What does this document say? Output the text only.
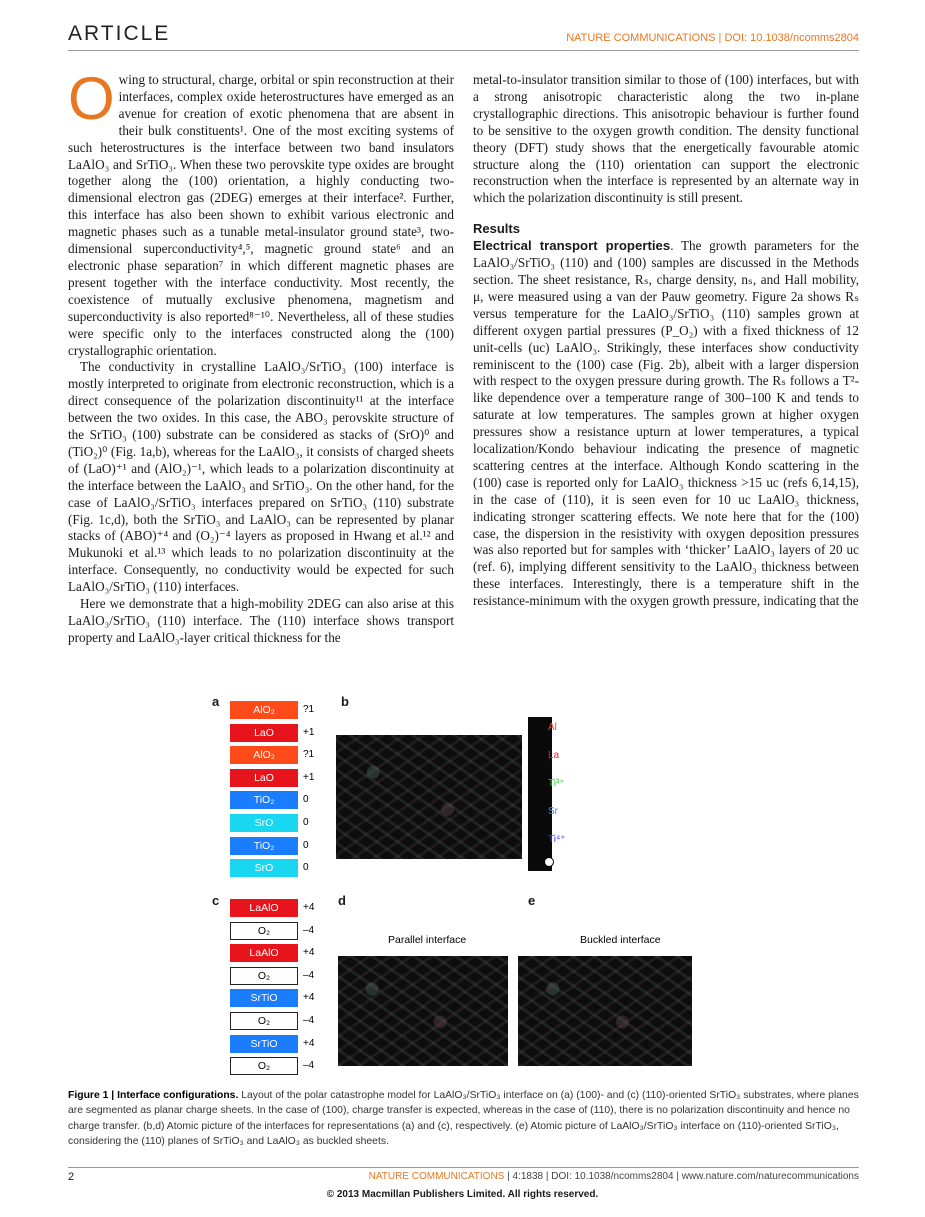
ARTICLE	NATURE COMMUNICATIONS | DOI: 10.1038/ncomms2804
O wing to structural, charge, orbital or spin reconstruction at their interfaces, complex oxide heterostructures have emerged as an avenue for creation of exotic phenomena that are absent in their bulk constituents¹. One of the most exciting systems of such heterostructures is the interface between two band insulators LaAlO₃ and SrTiO₃. When these two perovskite type oxides are brought together along the (100) orientation, a highly conducting two-dimensional electron gas (2DEG) emerges at their interface². Further, this interface has also been shown to exhibit various electronic and magnetic phases such as a tunable metal-insulator ground state³, two-dimensional superconductivity⁴,⁵, magnetic ground state⁶ and an electronic phase separation⁷ in which different magnetic phases are present together with the interface conductivity. Most recently, the coexistence of mutually exclusive phenomena, magnetism and superconductivity is also reported⁸⁻¹⁰. Nevertheless, all of these studies were specific only to the interfaces constructed along the (100) crystallographic orientation.

The conductivity in crystalline LaAlO₃/SrTiO₃ (100) interface is mostly interpreted to originate from electronic reconstruction, which is a direct consequence of the polarization discontinuity¹¹ at the interface between the two oxides. In this case, the ABO₃ perovskite structure of the SrTiO₃ (100) substrate can be considered as stacks of (SrO)⁰ and (TiO₂)⁰ (Fig. 1a,b), whereas for the LaAlO₃, it consists of charged sheets of (LaO)⁺¹ and (AlO₂)⁻¹, which leads to a polarization discontinuity at the interface between the LaAlO₃ and SrTiO₃. On the other hand, for the case of LaAlO₃/SrTiO₃ interfaces prepared on SrTiO₃ (110) substrate (Fig. 1c,d), both the SrTiO₃ and LaAlO₃ can be represented by planar stacks of (ABO)⁺⁴ and (O₂)⁻⁴ layers as proposed in Hwang et al.¹² and Mukunoki et al.¹³ which leads to no polarization discontinuity at the interface. Consequently, no conductivity would be expected for such LaAlO₃/SrTiO₃ (110) interfaces.

Here we demonstrate that a high-mobility 2DEG can also arise at this LaAlO₃/SrTiO₃ (110) interface. The (110) interface shows transport property and LaAlO₃-layer critical thickness for the

metal-to-insulator transition similar to those of (100) interfaces, but with a strong anisotropic characteristic along the two in-plane crystallographic directions. This anisotropic behaviour is further found to be sensitive to the oxygen growth condition. The density functional theory (DFT) study shows that the energetically favourable atomic structure along the (110) orientation can support the electronic reconstruction when the interface is represented by an alternate way in which the polarization discontinuity is still present.

Results

Electrical transport properties. The growth parameters for the LaAlO₃/SrTiO₃ (110) and (100) samples are discussed in the Methods section. The sheet resistance, Rₛ, charge density, nₛ, and Hall mobility, μ, were measured using a van der Pauw geometry. Figure 2a shows Rₛ versus temperature for the LaAlO₃/SrTiO₃ (110) samples grown at different oxygen partial pressures (P_O₂) with a fixed thickness of 12 unit-cells (uc) LaAlO₃. Strikingly, these interfaces show conductivity reminiscent to the (100) case (Fig. 2b), albeit with a larger dispersion with respect to the oxygen pressure during growth. The Rₛ follows a T²-like dependence over a temperature range of 300–100 K and tends to saturate at low temperatures. The samples grown at higher oxygen pressures show a resistance upturn at lower temperatures, a typical localization/Kondo behaviour indicating the presence of magnetic scattering centres at the interface. Although Kondo scattering in the (100) case is reported only for LaAlO₃ thickness >15 uc (refs 6,14,15), in the case of (110), it is seen even for 10 uc LaAlO₃ thickness, indicating stronger scattering effects. We note here that for the (100) case, the dispersion in the resistivity with oxygen deposition pressures was also reported but for samples with ‘thicker’ LaAlO₃ layers of 20 uc (ref. 6), implying different sensitivity to the LaAlO₃ thickness between these interfaces. Interestingly, there is a temperature shift in the resistance-minimum with the oxygen growth pressure, indicating that the

a	b
c	d	e
AlO₂	?1
LaO	+1
AlO₂	?1
LaO	+1
TiO₂	0
SrO	0
TiO₂	0
SrO	0
LaAlO	+4
O₂	–4
LaAlO	+4
O₂	–4
SrTiO	+4
O₂	–4
SrTiO	+4
O₂	–4
Al
La
Ti³⁺
Sr
Ti⁴⁺
Parallel interface	Buckled interface
Figure 1 | Interface configurations. Layout of the polar catastrophe model for LaAlO₃/SrTiO₃ interface on (a) (100)- and (c) (110)-oriented SrTiO₃ substrates, where planes are segmented as planar charge sheets. In the case of (100), charge transfer is expected, whereas in the case of (110), there is no polarization discontinuity and hence no charge transfer. (b,d) Atomic picture of the interfaces for representations (a) and (c), respectively. (e) Atomic picture of LaAlO₃/SrTiO₃ interface on (110)-oriented SrTiO₃, considering the (110) planes of SrTiO₃ and LaAlO₃ as buckled sheets.
2	NATURE COMMUNICATIONS | 4:1838 | DOI: 10.1038/ncomms2804 | www.nature.com/naturecommunications
© 2013 Macmillan Publishers Limited. All rights reserved.
